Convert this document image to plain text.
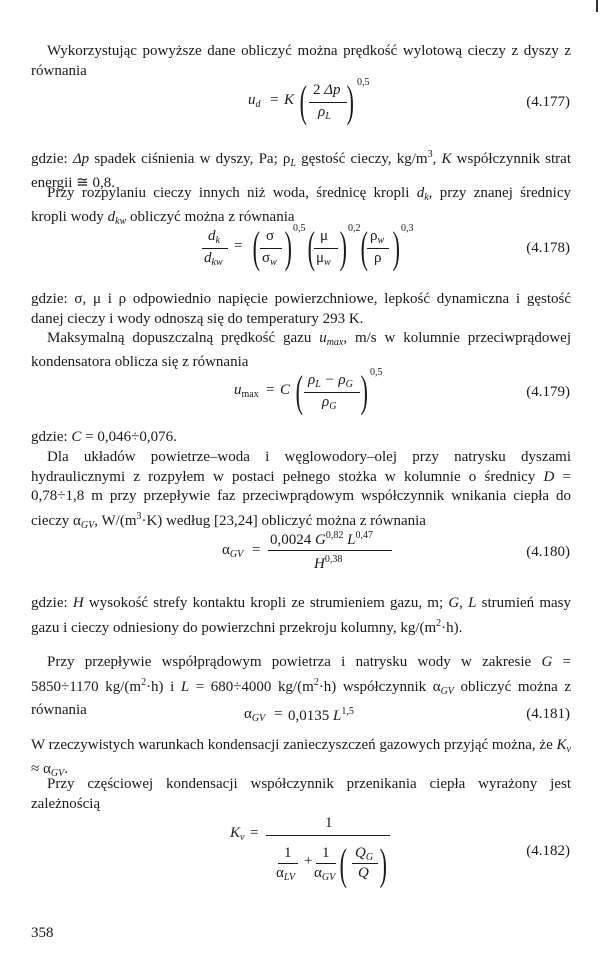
Wykorzystując powyższe dane obliczyć można prędkość wylotową cieczy z dyszy z równania

$u_d = K$ ( 2 Δp
$\rho_L$ ) 0,5
(4.177)

gdzie: Δp spadek ciśnienia w dyszy, Pa; $\rho_L$ gęstość cieczy, $kg/m^3$, K współczynnik strat energii ≅ 0,8.

Przy rozpylaniu cieczy innych niż woda, średnicę kropli $d_k$, przy znanej średnicy kropli wody $d_{kw}$ obliczyć można z równania

$d_k$
$d_{kw}$
= ( σ
$\sigma_w$ ) 0,5 ( μ
$\mu_w$ ) 0,2 ( $\rho_w$
ρ ) 0,3
(4.178)

gdzie: σ, μ i ρ odpowiednio napięcie powierzchniowe, lepkość dynamiczna i gęstość danej cieczy i wody odnoszą się do temperatury 293 K.

Maksymalną dopuszczalną prędkość gazu $u_{max}$, m/s w kolumnie przeciwprądowej kondensatora oblicza się z równania

$u_{max} = C$ ( $\rho_L - \rho_G$
$\rho_G$ ) 0,5
(4.179)

gdzie: C = 0,046÷0,076.

Dla układów powietrze–woda i węglowodory–olej przy natrysku dyszami hydraulicznymi z rozpyłem w postaci pełnego stożka w kolumnie o średnicy D = 0,78÷1,8 m przy przepływie faz przeciwprądowym współczynnik wnikania ciepła do cieczy $\alpha_{GV}$, $W/(m^3\cdot K)$ według [23,24] obliczyć można z równania

$\alpha_{GV}$ =
0,0024 G$^{0,82}$ L$^{0,47}$
H$^{0,38}$	(4.180)

gdzie: H wysokość strefy kontaktu kropli ze strumieniem gazu, m; G, L strumień masy gazu i cieczy odniesiony do powierzchni przekroju kolumny, $kg/(m^2\cdot h)$.

Przy przepływie współprądowym powietrza i natrysku wody w zakresie G = 5850÷1170 $kg/(m^2\cdot h)$ i L = 680÷4000 $kg/(m^2\cdot h)$ współczynnik $\alpha_{GV}$ obliczyć można z równania	$\alpha_{GV} = 0,0135$ L$^{1,5}$	(4.181)

W rzeczywistych warunkach kondensacji zanieczyszczeń gazowych przyjąć można, że $K_v \approx \alpha_{GV}$.

Przy częściowej kondensacji współczynnik przenikania ciepła wyrażony jest zależnością

$K_v$ =
1
1
$\alpha_{LV}$
+ 1
$\alpha_{GV}$ ( $Q_G$
Q )	(4.182)
358
